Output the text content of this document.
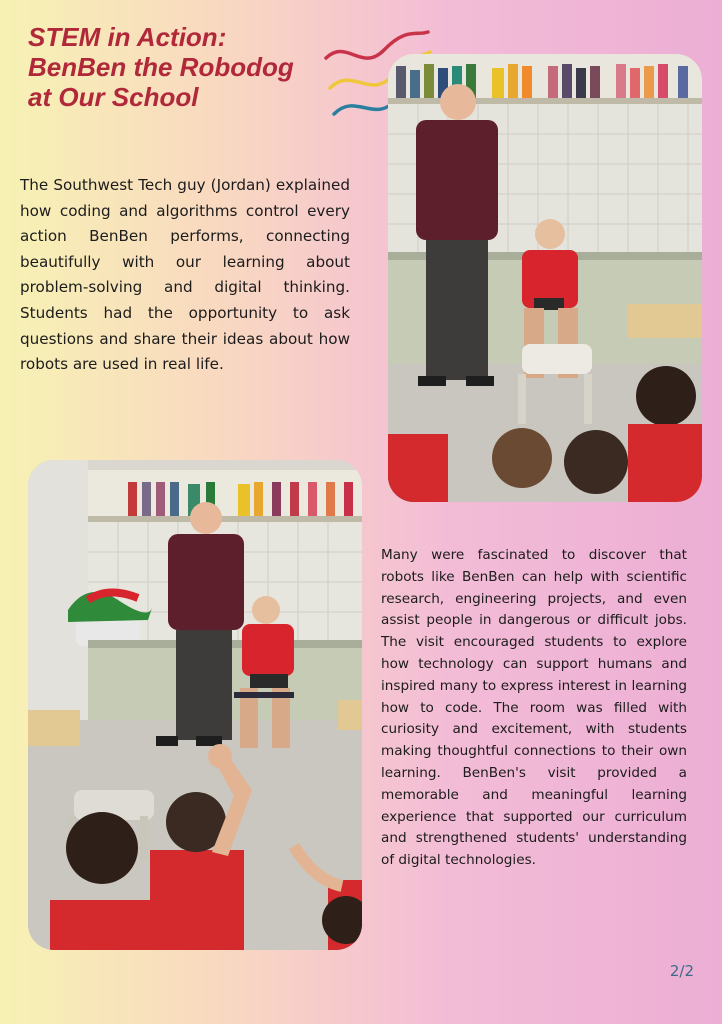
STEM in Action:
BenBen the Robodog
at Our School

The Southwest Tech guy (Jordan) explained how coding and algorithms control every action BenBen performs, connecting beautifully with our learning about problem-solving and digital thinking. Students had the opportunity to ask questions and share their ideas about how robots are used in real life.

Many were fascinated to discover that robots like BenBen can help with scientific research, engineering projects, and even assist people in dangerous or difficult jobs. The visit encouraged students to explore how technology can support humans and inspired many to express interest in learning how to code. The room was filled with curiosity and excitement, with students making thoughtful connections to their own learning. BenBen's visit provided a memorable and meaningful learning experience that supported our curriculum and strengthened students' understanding of digital technologies.

2/2
